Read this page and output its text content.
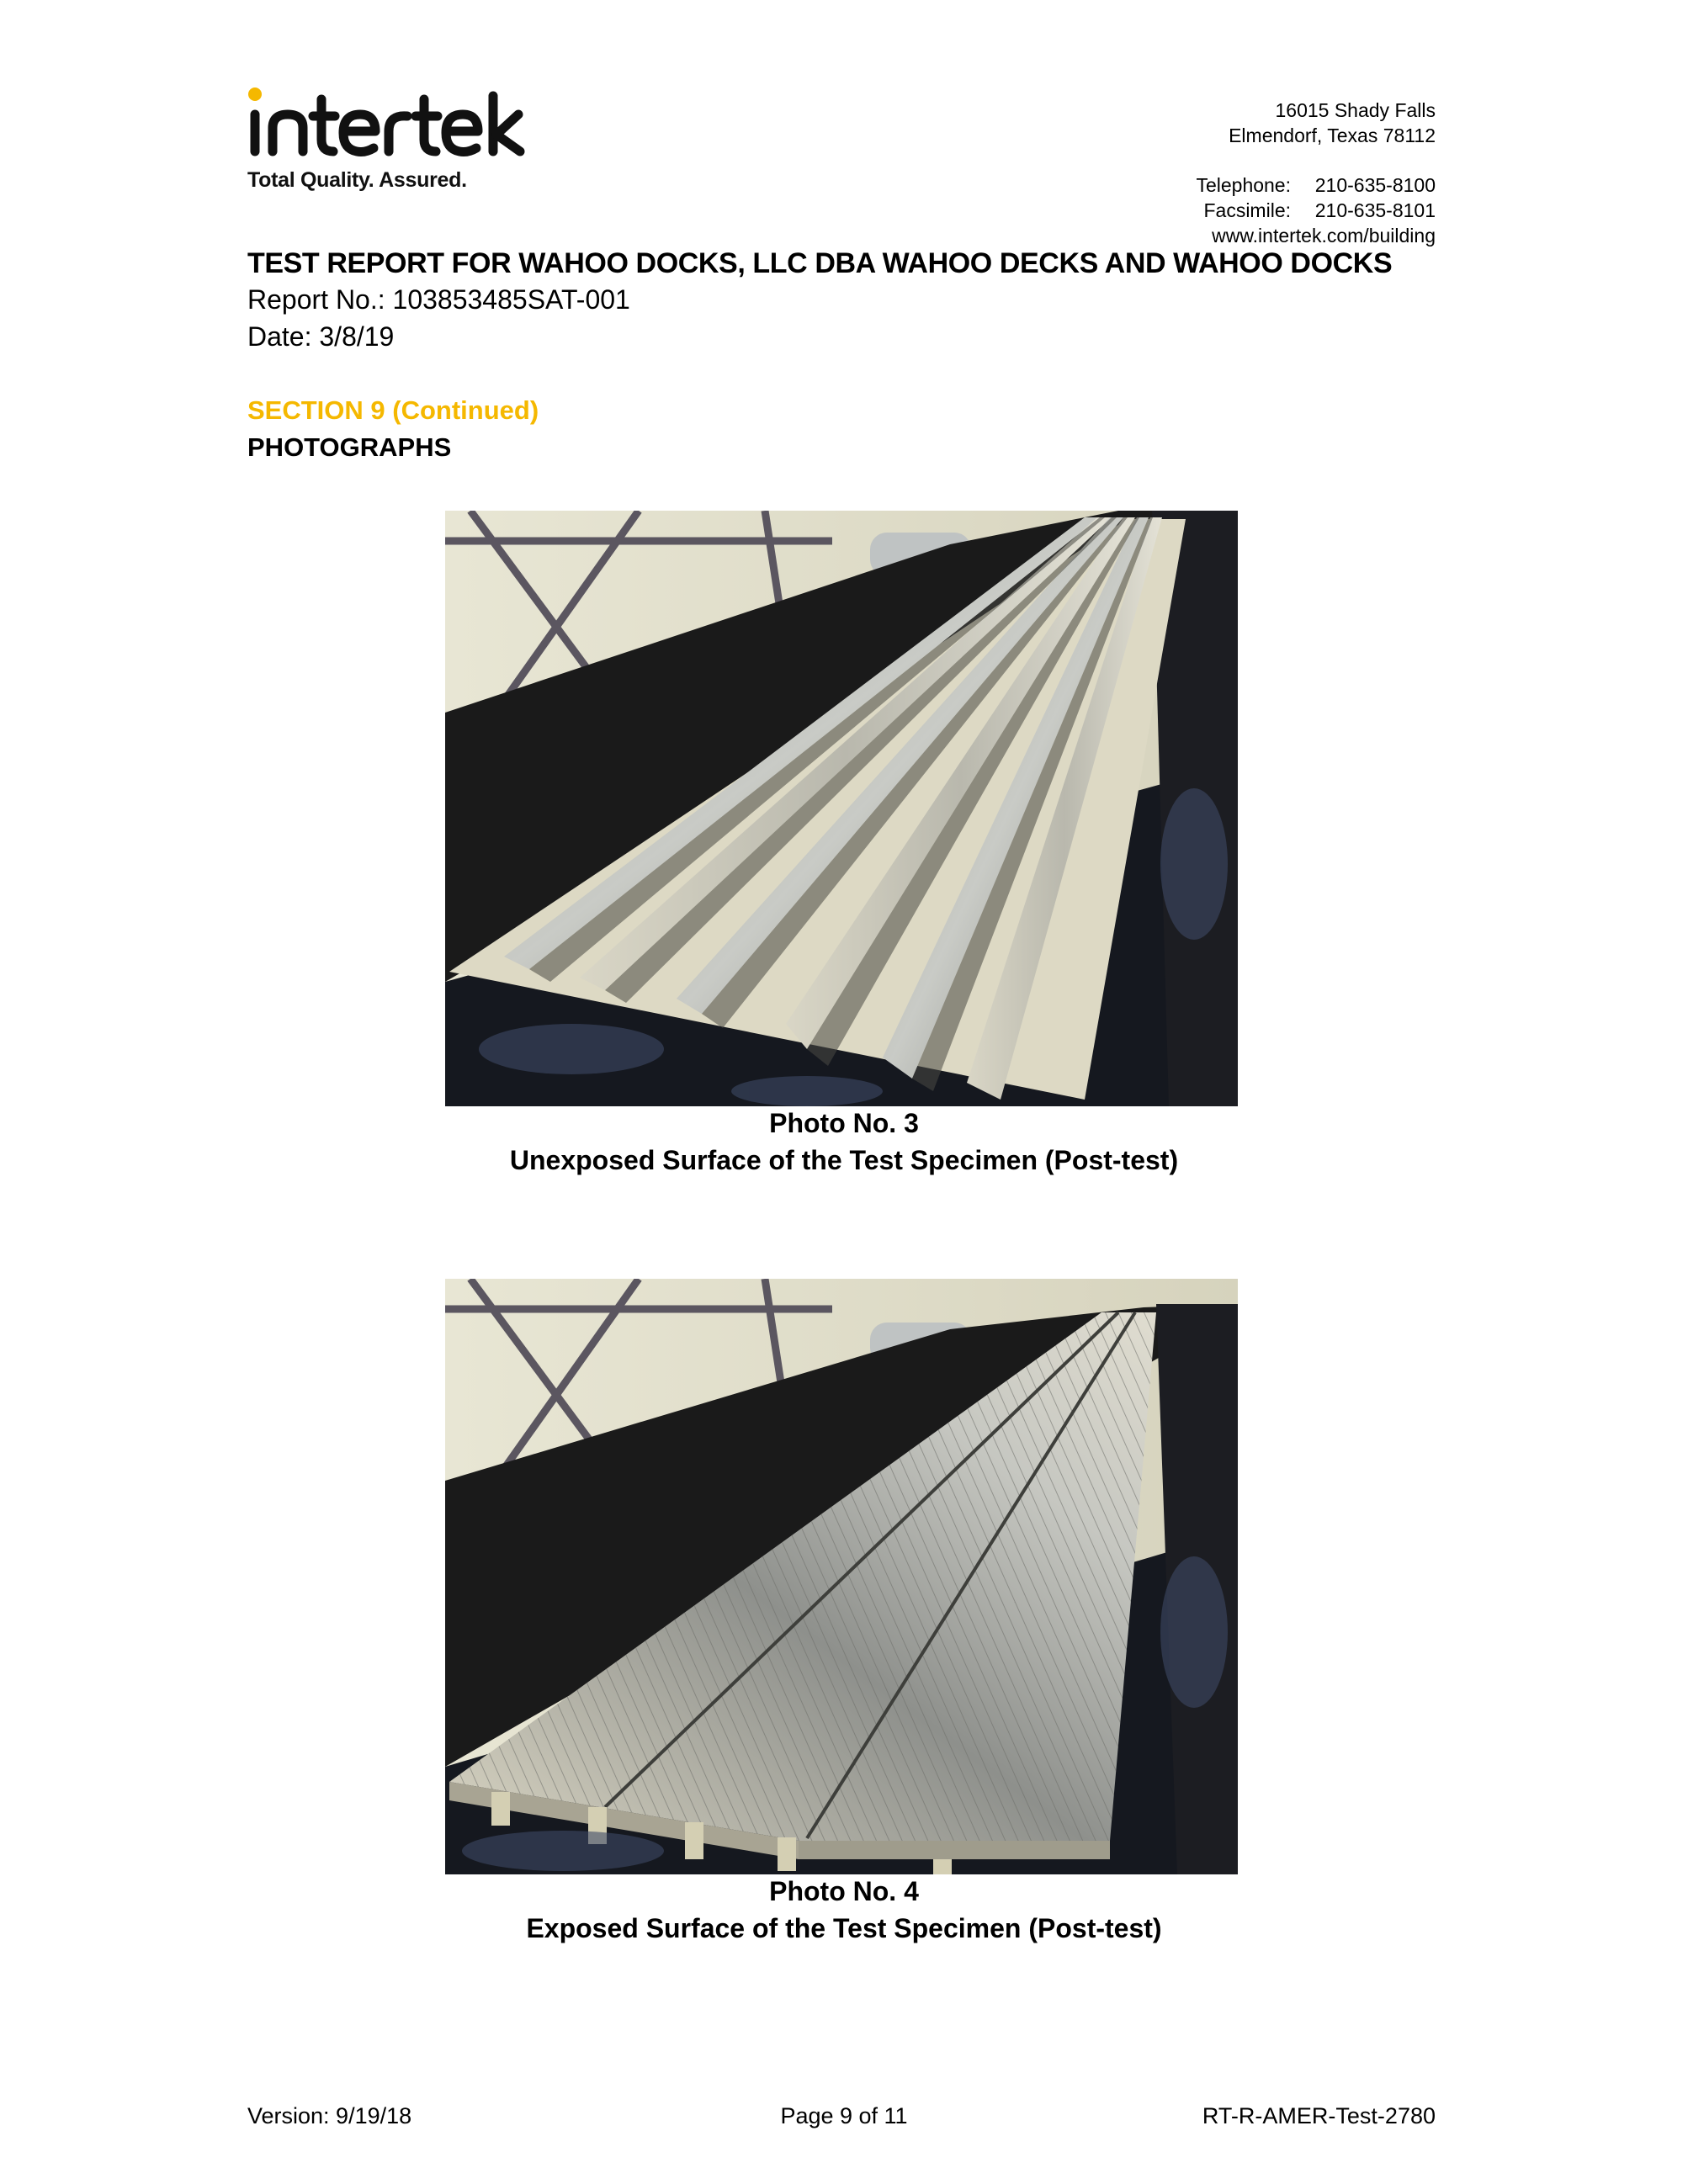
Total Quality. Assured.
16015 Shady Falls
Elmendorf, Texas 78112
Telephone: 210-635-8100
Facsimile: 210-635-8101
www.intertek.com/building
TEST REPORT FOR WAHOO DOCKS, LLC DBA WAHOO DECKS AND WAHOO DOCKS
Report No.: 103853485SAT-001
Date: 3/8/19
SECTION 9 (Continued)
PHOTOGRAPHS
Photo No. 3
Unexposed Surface of the Test Specimen (Post-test)
Photo No. 4
Exposed Surface of the Test Specimen (Post-test)
Version: 9/19/18	Page 9 of 11	RT-R-AMER-Test-2780
